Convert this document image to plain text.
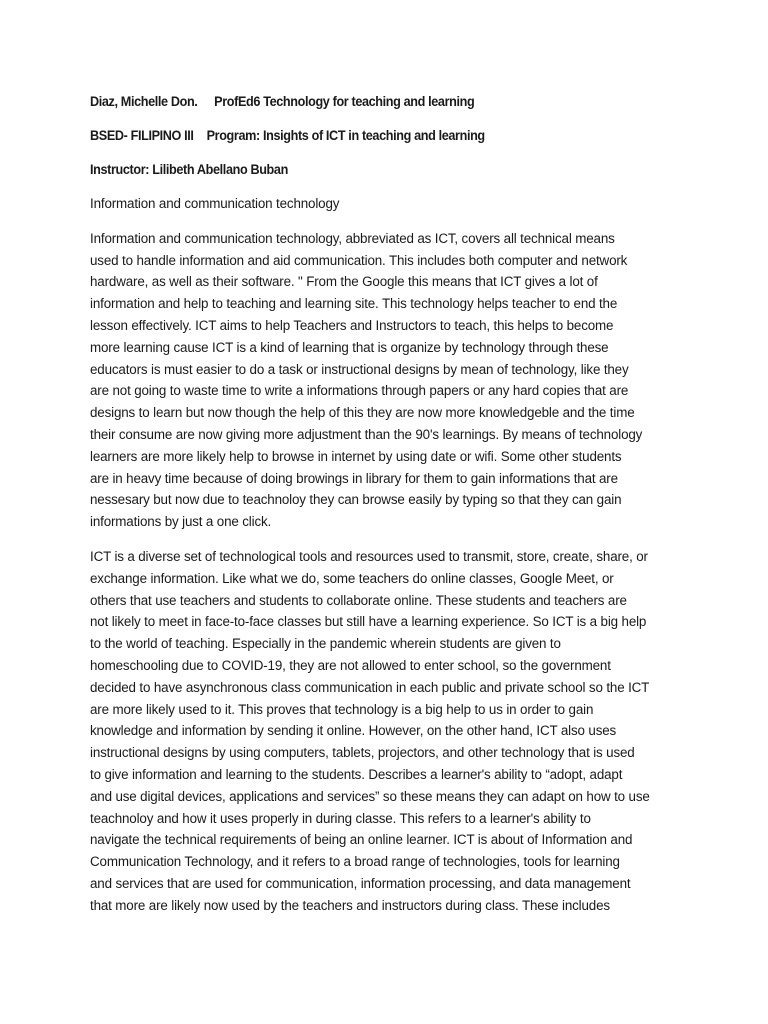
Diaz, Michelle Don. ProfEd6 Technology for teaching and learning
BSED- FILIPINO III Program: Insights of ICT in teaching and learning
Instructor: Lilibeth Abellano Buban
Information and communication technology
Information and communication technology, abbreviated as ICT, covers all technical means
used to handle information and aid communication. This includes both computer and network
hardware, as well as their software. " From the Google this means that ICT gives a lot of
information and help to teaching and learning site. This technology helps teacher to end the
lesson effectively. ICT aims to help Teachers and Instructors to teach, this helps to become
more learning cause ICT is a kind of learning that is organize by technology through these
educators is must easier to do a task or instructional designs by mean of technology, like they
are not going to waste time to write a informations through papers or any hard copies that are
designs to learn but now though the help of this they are now more knowledgeble and the time
their consume are now giving more adjustment than the 90's learnings. By means of technology
learners are more likely help to browse in internet by using date or wifi. Some other students
are in heavy time because of doing browings in library for them to gain informations that are
nessesary but now due to teachnoloy they can browse easily by typing so that they can gain
informations by just a one click.
ICT is a diverse set of technological tools and resources used to transmit, store, create, share, or
exchange information. Like what we do, some teachers do online classes, Google Meet, or
others that use teachers and students to collaborate online. These students and teachers are
not likely to meet in face-to-face classes but still have a learning experience. So ICT is a big help
to the world of teaching. Especially in the pandemic wherein students are given to
homeschooling due to COVID-19, they are not allowed to enter school, so the government
decided to have asynchronous class communication in each public and private school so the ICT
are more likely used to it. This proves that technology is a big help to us in order to gain
knowledge and information by sending it online. However, on the other hand, ICT also uses
instructional designs by using computers, tablets, projectors, and other technology that is used
to give information and learning to the students. Describes a learner's ability to “adopt, adapt
and use digital devices, applications and services” so these means they can adapt on how to use
teachnoloy and how it uses properly in during classe. This refers to a learner's ability to
navigate the technical requirements of being an online learner. ICT is about of Information and
Communication Technology, and it refers to a broad range of technologies, tools for learning
and services that are used for communication, information processing, and data management
that more are likely now used by the teachers and instructors during class. These includes
